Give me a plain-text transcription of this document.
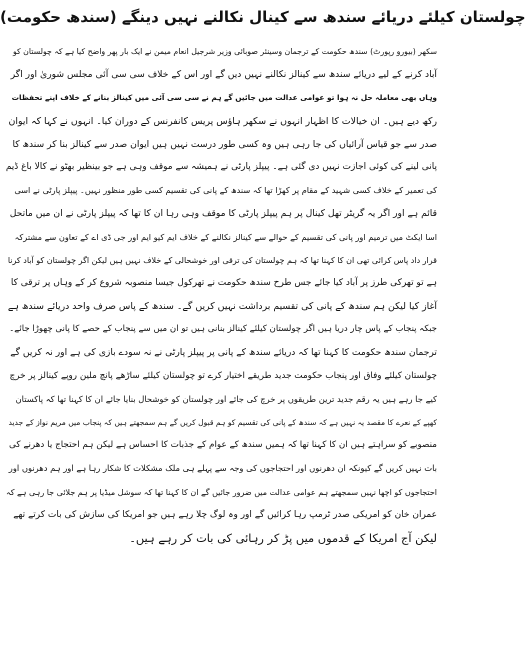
چولستان کیلئے دریائے سندھ سے کینال نکالنے نہیں دینگے (سندھ حکومت)
سکھر (بیورو رپورٹ) سندھ حکومت کے ترجمان وسینئر صوبائی وزیر شرجیل انعام میمن نے ایک بار پھر واضح کیا ہے کہ چولستان کو
آباد کرنے کے لیے دریائے سندھ سے کینالز نکالنے نہیں دیں گے اور اس کے خلاف سی سی آئی مجلس شوریٰ اور اگر
وہاں بھی معاملہ حل نہ ہوا تو عوامی عدالت میں جائیں گے ہم نے سی سی آئی میں کینالز بنانے کے خلاف اپنے تحفظات
رکھ دیے ہیں۔ ان خیالات کا اظہار انہوں نے سکھر ہاؤس پریس کانفرنس کے دوران کیا۔ انہوں نے کہا کہ ایوان
صدر سے جو قیاس آرائیاں کی جا رہی ہیں وہ کسی طور درست نہیں ہیں ایوان صدر سے کینالز بنا کر سندھ کا
پانی لینے کی کوئی اجازت نہیں دی گئی ہے۔ پیپلز پارٹی نے ہمیشہ سے موقف وہی ہے جو بینظیر بھٹو نے کالا باغ ڈیم
کی تعمیر کے خلاف کسی شہید کے مقام پر کھڑا تھا کہ سندھ کے پانی کی تقسیم کسی طور منظور نہیں۔ پیپلز پارٹی نے اسی
قائم ہے اور اگر یہ گریٹر تھل کینال پر ہم پیپلز پارٹی کا موقف وہی رہا ان کا تھا کہ پیپلز پارٹی نے ان میں ماتحل
اسا ایکٹ میں ترمیم اور پانی کی تقسیم کے حوالے سے کینالز نکالنے کے خلاف ایم کیو ایم اور جی ڈی اے کے تعاون سے مشترکہ
قرار داد پاس کرائی تھی ان کا کہنا تھا کہ ہم چولستان کی ترقی اور خوشحالی کے خلاف نہیں ہیں لیکن اگر چولستان کو آباد کرنا
ہے تو تھرکی طرز پر آباد کیا جائے جس طرح سندھ حکومت نے تھرکول جیسا منصوبہ شروع کر کے وہاں پر ترقی کا
آغاز کیا لیکن ہم سندھ کے پانی کی تقسیم برداشت نہیں کریں گے۔ سندھ کے پاس صرف واحد دریائے سندھ ہے
جبکہ پنجاب کے پاس چار دریا ہیں اگر چولستان کیلئے کینالز بنانی ہیں تو ان میں سے پنجاب کے حصے کا پانی چھوڑا جائے۔
ترجمان سندھ حکومت کا کہنا تھا کہ دریائے سندھ کے پانی پر پیپلز پارٹی نے نہ سودے بازی کی ہے اور نہ کریں گے
چولستان کیلئے وفاق اور پنجاب حکومت جدید طریقے اختیار کرے تو چولستان کیلئے ساڑھے پانچ ملین روپے کینالز پر خرچ
کیے جا رہے ہیں یہ رقم جدید ترین طریقوں پر خرچ کی جائے اور چولستان کو خوشحال بنایا جائے ان کا کہنا تھا کہ پاکستان
کھپے کے نعرے کا مقصد یہ نہیں ہے کہ سندھ کے پانی کی تقسیم کو ہم قبول کریں گے ہم سمجھتے ہیں کہ پنجاب میں مریم نواز کے جدید
منصوبے کو سراہتے ہیں ان کا کہنا تھا کہ ہمیں سندھ کے عوام کے جذبات کا احساس ہے لیکن ہم احتجاج یا دھرنے کی
بات نہیں کریں گے کیونکہ ان دھرنوں اور احتجاجوں کی وجہ سے پہلے ہی ملک مشکلات کا شکار رہا ہے اور ہم دھرنوں اور
احتجاجوں کو اچھا نہیں سمجھتے ہم عوامی عدالت میں ضرور جائیں گے ان کا کہنا تھا کہ سوشل میڈیا پر ہم جلائی جا رہی ہے کہ
عمران خان کو امریکی صدر ٹرمپ رہا کرائیں گے اور وہ لوگ چلا رہے ہیں جو امریکا کی سازش کی بات کرتے تھے
لیکن آج امریکا کے قدموں میں پڑ کر رہائی کی بات کر رہے ہیں۔
